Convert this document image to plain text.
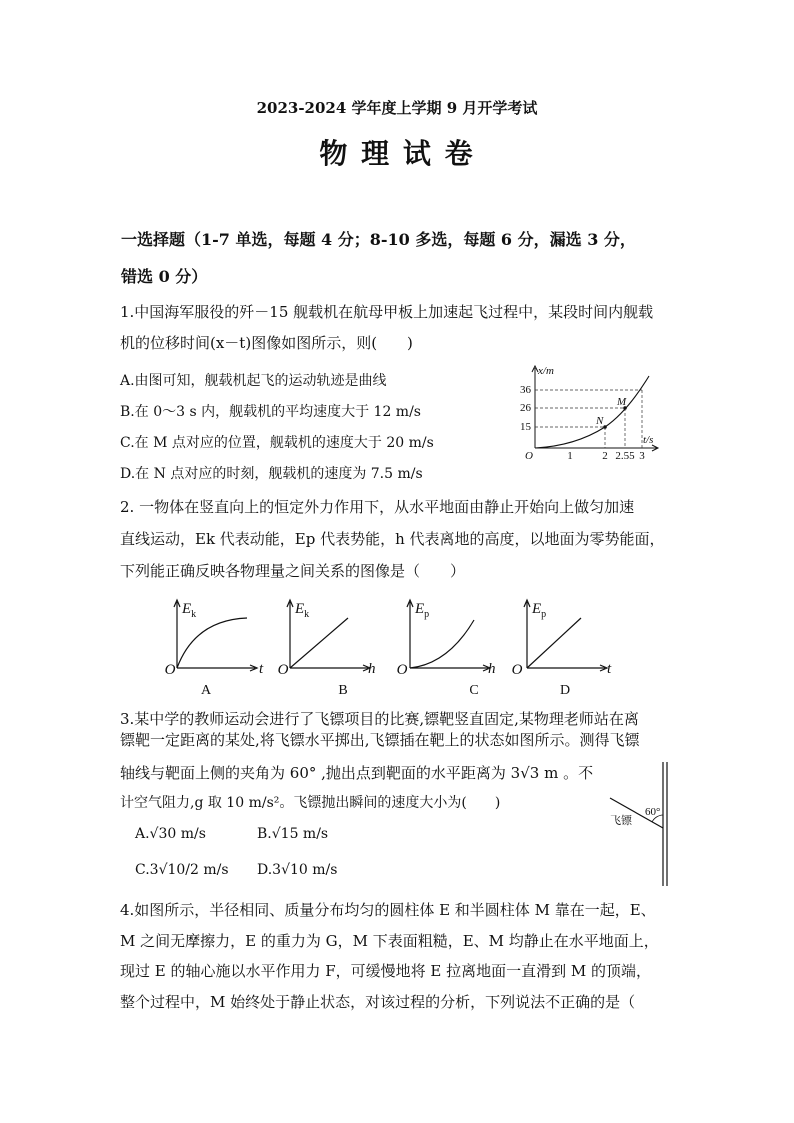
2023-2024 学年度上学期 9 月开学考试
物 理 试 卷
一选择题（1-7 单选，每题 4 分；8-10 多选，每题 6 分，漏选 3 分，
错选 0 分）
1.中国海军服役的歼－15 舰载机在航母甲板上加速起飞过程中，某段时间内舰载
机的位移时间(x－t)图像如图所示，则(　　)
A.由图可知，舰载机起飞的运动轨迹是曲线
B.在 0～3 s 内，舰载机的平均速度大于 12 m/s
C.在 M 点对应的位置，舰载机的速度大于 20 m/s
D.在 N 点对应的时刻，舰载机的速度为 7.5 m/s
x/m
t/s
O
36
26
15
1	2 2.55 3
N
M
2. 一物体在竖直向上的恒定外力作用下，从水平地面由静止开始向上做匀加速
直线运动，Ek 代表动能，Ep 代表势能，h 代表离地的高度，以地面为零势能面，
下列能正确反映各物理量之间关系的图像是（　　）
$E_k$
t
O
A
$E_k$
h
O
B
$E_p$
h
O
C
$E_p$
t
O
D
3.某中学的教师运动会进行了飞镖项目的比赛,镖靶竖直固定,某物理老师站在离
镖靶一定距离的某处,将飞镖水平掷出,飞镖插在靶上的状态如图所示。测得飞镖
轴线与靶面上侧的夹角为 60° ,抛出点到靶面的水平距离为 3√3 m 。不
计空气阻力,g 取 10 m/s²。飞镖抛出瞬间的速度大小为(　　)
A.√30 m/s	B.√15 m/s
C.3√10/2 m/s D.3√10 m/s
60°
飞镖
4.如图所示，半径相同、质量分布均匀的圆柱体 E 和半圆柱体 M 靠在一起，E、
M 之间无摩擦力，E 的重力为 G，M 下表面粗糙，E、M 均静止在水平地面上，
现过 E 的轴心施以水平作用力 F，可缓慢地将 E 拉离地面一直滑到 M 的顶端，
整个过程中，M 始终处于静止状态，对该过程的分析，下列说法不正确的是（
